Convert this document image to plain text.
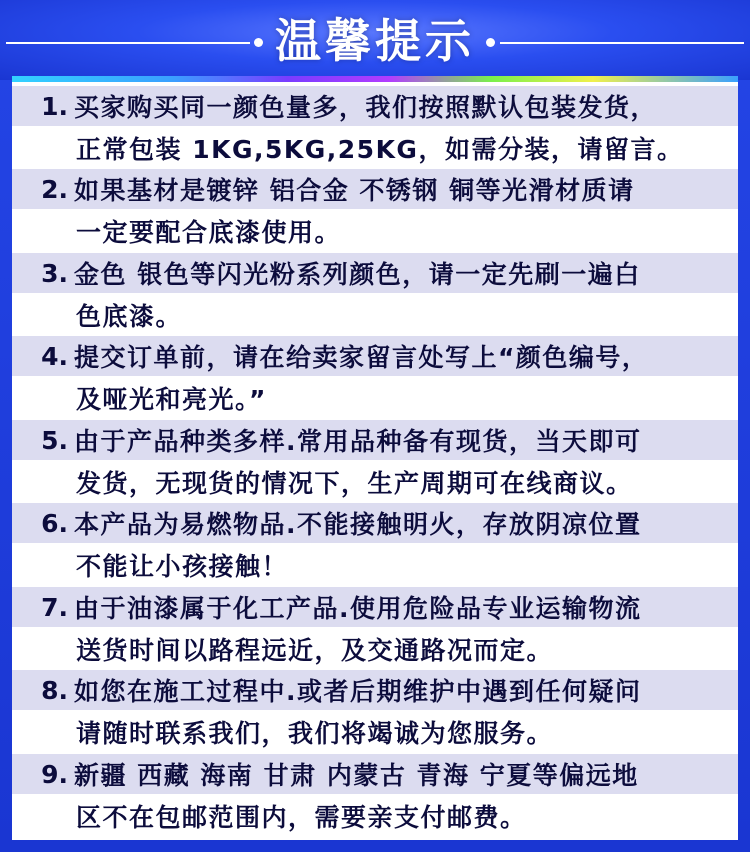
温馨提示
1. 买家购买同一颜色量多，我们按照默认包装发货，
正常包装 1KG,5KG,25KG，如需分装，请留言。
2. 如果基材是镀锌 铝合金 不锈钢 铜等光滑材质请
一定要配合底漆使用。
3. 金色 银色等闪光粉系列颜色，请一定先刷一遍白
色底漆。
4. 提交订单前，请在给卖家留言处写上“颜色编号，
及哑光和亮光。”
5. 由于产品种类多样.常用品种备有现货，当天即可
发货，无现货的情况下，生产周期可在线商议。
6. 本产品为易燃物品.不能接触明火，存放阴凉位置
不能让小孩接触！
7. 由于油漆属于化工产品.使用危险品专业运输物流
送货时间以路程远近，及交通路况而定。
8. 如您在施工过程中.或者后期维护中遇到任何疑问
请随时联系我们，我们将竭诚为您服务。
9. 新疆 西藏 海南 甘肃 内蒙古 青海 宁夏等偏远地
区不在包邮范围内，需要亲支付邮费。
